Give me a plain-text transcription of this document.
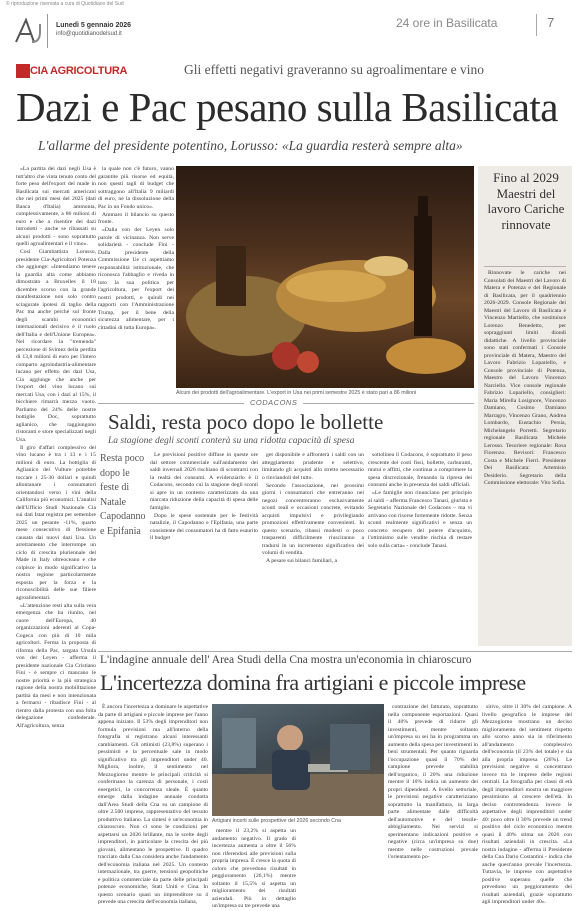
© riproduzione riservata a cura di Quotidiano del Sud
Lunedì 5 gennaio 2026
info@quotidianodelsud.it
24 ore in Basilicata	7
CIA AGRICOLTURA	Gli effetti negativi graveranno su agroalimentare e vino
Dazi e Pac pesano sulla Basilicata
L'allarme del presidente potentino, Lorusso: «La guardia resterà sempre alta»

«La partita dei dazi negli Usa è tutt'altro che vinta tenuto conto del forte peso dell'export del made in Basilicata sui mercati americani che nei primi mesi del 2025 (dati Banca d'Italia) ammonta, complessivamente, a 86 milioni di euro e che a risentire dei dazi introdotti - anche se ribassati su alcuni prodotti - sono soprattutto quelli agroalimentari e il vino».

Così Giambattista Lorusso, presidente Cia-Agricoltori Potenza che aggiunge: «Intendiamo tenere la guardia alta come abbiamo dimostrato a Bruxelles il 18 dicembre scorso con la grande manifestazione non solo contro sciagurate ipotesi di taglio della Pac ma anche perché sul fronte degli scambi economici internazionali decisivo è il ruolo dell'Italia e dell'Unione Europea». Nel ricordare la "tremenda" percezione di Svimez della perdita di 13,8 milioni di euro per l'intero comparto agroindustria-alimentare lucano per effetto dei dazi Usa, Cia aggiunge che anche per l'export del vino lucano sui mercati Usa, con i dazi al 15%, il bicchiere rimarrà mezzo vuoto. Parliamo del 24% delle nostre bottiglie Doc, soprattutto aglianico, che raggiungono ristoranti e store specializzati negli Usa.

Il giro d'affari complessivo del vino lucano è tra i 13 e i 15 milioni di euro. La bottiglia di Aglianico del Vulture potrebbe toccare i 25-30 dollari e quindi allontanare i consumatori orientandosi verso i vini della California più economici. L'analisi dell'Ufficio Studi Nazionale Cia sui dati Istat registra per settembre 2025 un pesante -11%, quarto mese consecutivo di flessione causata dai nuovi dazi Usa. Un arretramento che interrompe un ciclo di crescita pluriennale del Made in Italy oltreoceano e che colpisce in modo significativo la nostra regione particolarmente esposta per la forza e la riconoscibilità delle sue filiere agroalimentari.

«L'attenzione resti alta sulla vera emergenza che ha riunito, nel cuore dell'Europa, 40 organizzazioni aderenti al Copa-Cogeca con più di 10 mila agricoltori. Ferma la proposta di riforma della Pac, targata Ursula von der Leyen - afferma il presidente nazionale Cia Cristiano Fini - è sempre ci mancano le nostre priorità e la più strategica ragione della nostra mobilitazione partita da mesi e non intenzionata a fermarsi - ribadisce Fini - al rientro dalla protesta con una folta delegazione confederale. All'agricoltura, senza

la quale non c'è futuro, vanno garantite più risorse ed equità, non questi tagli di budget che sottraggono all'Italia 9 miliardi di euro, né la dissoluzione della Pac in un Fondo unico».

Ammaro il bilancio su questo fronte.

«Dalla von der Leyen solo parole di vicinanza. Non serve solidarietà - conclude Fini - Dalla presidente della Commissione Ue ci aspettiamo responsabilità istituzionale, che riconosca l'abbaglio e riveda in toto la sua politica per l'agricoltura, per l'export dei nostri prodotti, e quindi nei rapporti con l'Amministrazione Trump, per il bene della sicurezza alimentare, per i cittadini di tutta Europa».

Alcuni dei prodotti dell'agroalimentare. L'export in Usa nei primi semestre 2025 è stato pari a 86 milioni
Fino al 2029 Maestri del lavoro Cariche rinnovate

Rinnovate le cariche nei Consolati dei Maestri del Lavoro di Matera e Potenza e del Regionale di Basilicata, per il quadriennio 2026-2029. Console Regionale dei Maestri del Lavoro di Basilicata è Vincenzo Martiello, che sostituisce Lorenzo Benedetto, per sopraggiunti limiti diondi didattiche. A livello provinciale sono stati confermati i Console provinciale di Matera, Maestro del Lavoro Fabrizio Lopariello, e Console provinciale di Potenza, Maestro del Lavoro Vincenzo Narciello. Vice console regionale Fabrizio Lopariello, consiglieri: Maria Mirella Losignore, Vincenzo Damiano, Cosimo Damiano Marragro, Vincenzo Grano, Andrea Lombardo, Eustachio Persia, Michelangelo Porretti. Segretario regionale Basilicata Michele Lerosso. Tesoriere regionale: Rosa Fiorenzo. Revisori: Francesco Costa e Michele Fierri. Presidente Dei Basilicata: Artemisio Desiderio. Segretario della Commissione elettorale: Vito Sofia.

CODACONS
Saldi, resta poco dopo le bollette
La stagione degli sconti conterà su una ridotta capacità di spesa
Resta poco dopo le feste di Natale Capodanno e Epifania

Le previsioni positive diffuse in queste ore dal settore commerciale sull'andamento dei saldi invernali 2026 rischiano di scontrarsi con la realtà dei consumi. A evidenziarlo è il Codacons, secondo cui la stagione degli sconti si apre in un contesto caratterizzato da una marcata riduzione della capacità di spesa delle famiglie.

Dopo le spese sostenute per le festività natalizie, il Capodanno e l'Epifania, una parte consistente dei consumatori ha di fatto esaurito il budget

get disponibile e affronterà i saldi con un atteggiamento prudente e selettivo, limitando gli acquisti allo stretto necessario o rinviandoli del tutto.

Secondo l'associazione, nei prossimi giorni i consumatori che entreranno nei negozi concentreranno esclusivamente sconti reali e occasioni concrete, evitando acquisti impulsivi e privilegiando promozioni effettivamente convenienti. In questo scenario, ribassi modesti o poco trasparenti difficilmente riusciranno a tradursi in un incremento significativo dei volumi di vendita.

A pesare sui bilanci familiari, a

sottolinea il Codacons, è soprattutto il peso crescente dei costi fissi, bollette, carburanti, mutui e affitti, che continua a comprimere la spesa discrezionale, frenando la ripresa dei consumi anche in presenza dei saldi ufficiali.

«Le famiglie non rinunciano per principio ai saldi – afferma Francesco Tanasi, giurista e Segretario Nazionale del Codacons – ma vi arrivano con risorse fortemente ridotte. Senza sconti realmente significativi e senza un concreto recupero del potere d'acquisto, l'ottimismo sulle vendite rischia di restare solo sulla carta» - conclude Tanasi.

L'indagine annuale dell' Area Studi della Cna mostra un'economia in chiaroscuro
L'incertezza domina fra artigiani e piccole imprese

È ancora l'incertezza a dominare le aspettative da parte di artigiani e piccole imprese per l'anno appena iniziato. Il 53% degli imprenditori non formula previsioni ma all'interno della fotografia si registrano alcuni interessanti cambiamenti. Gli ottimisti (23,8%) superano i pessimisti e la percentuale sale in modo significativo tra gli imprenditori under 40. Migliora, inoltre, il sentimento nel Mezzogiorno mentre le principali criticità si confermano la carenza di personale, i costi energetici, la concorrenza sleale. È quanto emerge dalla indagine annuale condotta dall'Area Studi della Cna su un campione di oltre 2.500 imprese, rappresentativo del tessuto produttivo italiano. La sintesi è un'economia in chiaroscuro. Non ci sono le condizioni per aspettarsi un 2026 brillante, ma le scelte degli imprenditori, in particolare la crescita dei più giovani, alimentano le prospettive. Il quadro tracciato dalla Cna considera anche l'andamento dell'economia italiana nel 2025. Un contesto internazionale, tra guerre, tensioni geopolitiche e politica commerciale da parte delle principali potenze economiche, Stati Uniti e Cina. In questo scenario quasi un imprenditore su 4 prevede una crescita dell'economia italiana,

Artigiani incerti sulle prospettive del 2026 secondo Cna

mentre il 23,2% si aspetta un andamento negativo. Il grado di incertezza aumenta a oltre il 56% non riferendosi alle previsioni sulla propria impresa. È cresce la quota di coloro che prevedono risultati in peggioramento (26,1%) mentre soltanto il 15,5% si aspetta un miglioramento dei risultati aziendali. Più in dettaglio un'impresa su tre prevede una

contrazione del fatturato, soprattutto nella componente esportazioni. Quasi il 40% prevede di ridurre gli investimenti, mentre soltanto un'impresa su sei ha in programma un aumento della spesa per investimenti in beni strumentali. Per quanto riguarda l'occupazione quasi il 70% del campione prevede stabilità dell'organico, il 20% una riduzione mentre il 10% indica un aumento dei propri dipendenti. A livello settoriale, le previsioni negative caratterizzano soprattutto la manifattura, in larga parte alimentate dalle difficoltà dell'automotive e del tessile-abbigliamento. Nei servizi si sperimentano indicazioni positive e negative (circa un'impresa su due) mentre nelle costruzioni prevale l'orientamento po-

sitivo, oltre il 30% del campione. A livello geografico le imprese del Mezzogiorno mostrano un deciso miglioramento del sentiment rispetto allo scorso anno sia in riferimento all'andamento complessivo dell'economia (il 23% del totale) e sia alla propria impresa (26%). Le previsioni negative si concentrano invece tra le imprese delle regioni centrali. La fotografia per classi di età degli imprenditori mostra un maggiore pessimismo al crescere dell'età. In deciso controtendenza invece le aspettative degli imprenditori under 40: poco oltre il 30% prevede un trend positivo del ciclo economico mentre quasi il 40% stima un 2026 con risultati aziendali in crescita. «La nostra indagine - afferma il Presidente della Cna Dario Costantini - indica che anche quest'anno prevale l'incertezza. Tuttavia, le imprese con aspettative positive superano quelle che prevedono un peggioramento dei risultati aziendali, grazie soprattutto agli imprenditori under 40».
